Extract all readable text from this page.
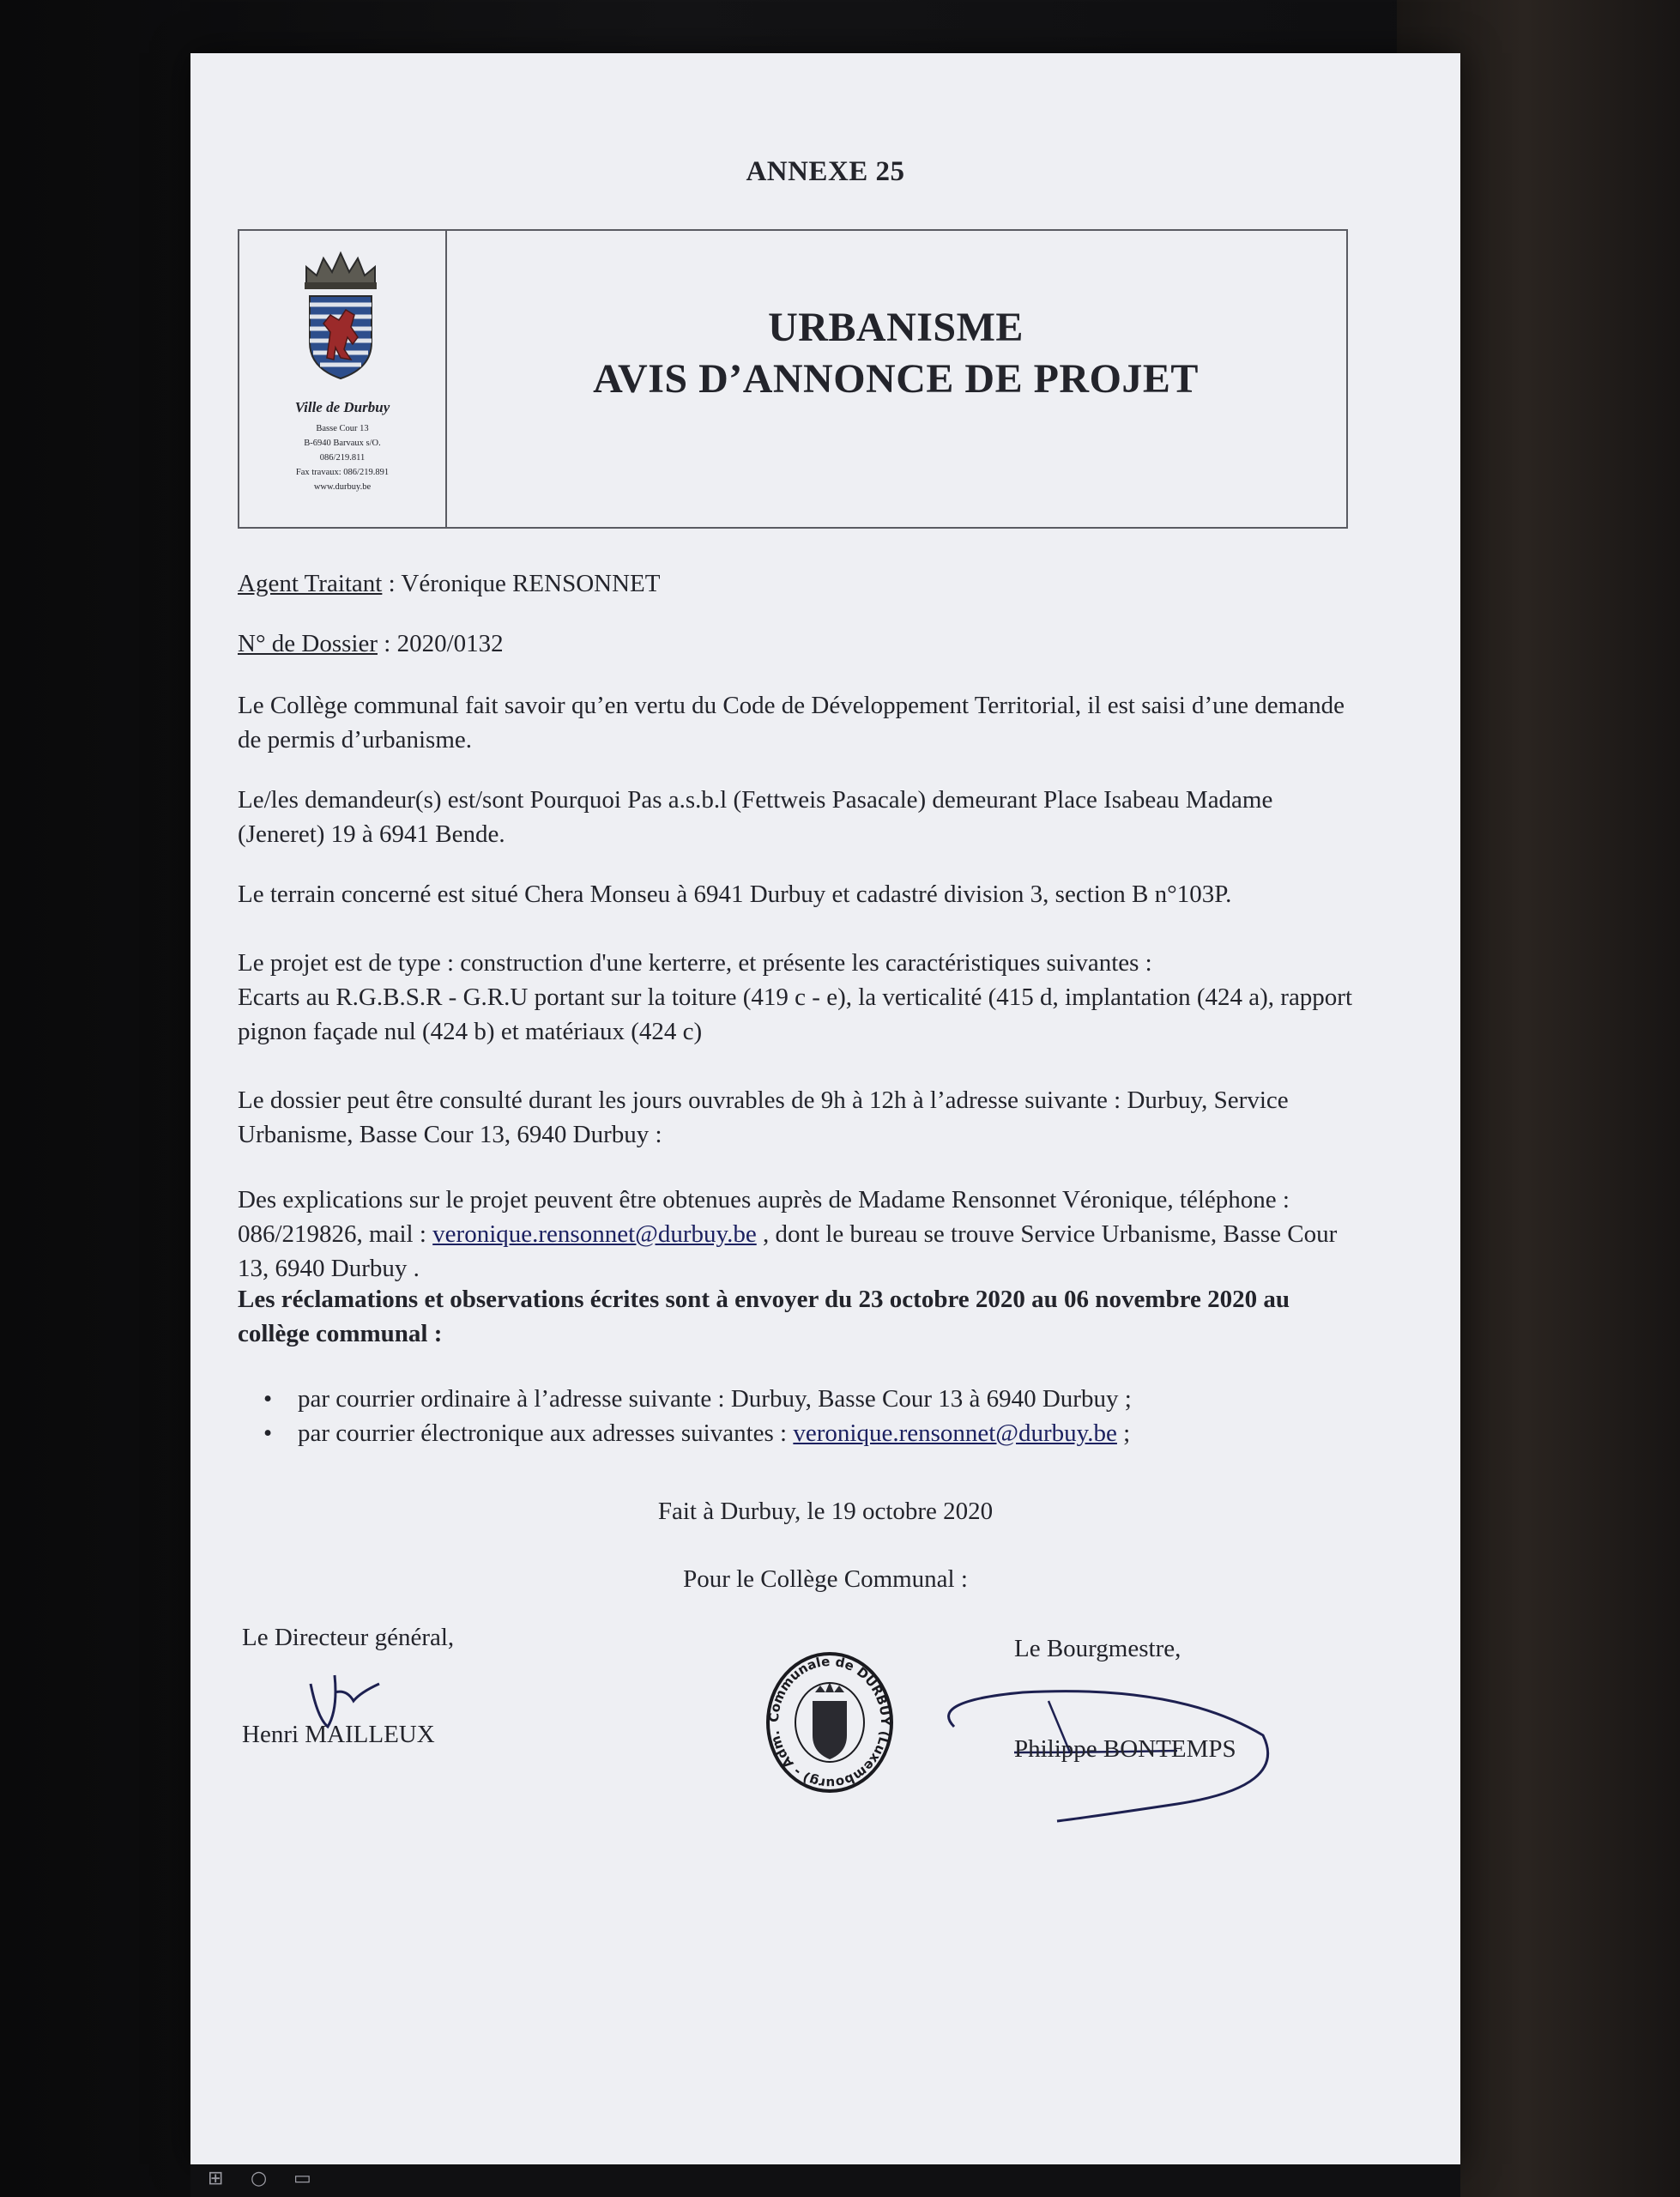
ANNEXE 25
Ville de Durbuy
Basse Cour 13
B-6940 Barvaux s/O.
086/219.811
Fax travaux: 086/219.891
www.durbuy.be
URBANISME
AVIS D’ANNONCE DE PROJET
Agent Traitant : Véronique RENSONNET
N° de Dossier : 2020/0132
Le Collège communal fait savoir qu’en vertu du Code de Développement Territorial, il est saisi d’une demande de permis d’urbanisme.
Le/les demandeur(s) est/sont Pourquoi Pas a.s.b.l (Fettweis Pasacale) demeurant Place Isabeau Madame (Jeneret) 19 à 6941 Bende.
Le terrain concerné est situé Chera Monseu à 6941 Durbuy et cadastré division 3, section B n°103P.
Le projet est de type : construction d'une kerterre, et présente les caractéristiques suivantes :
Ecarts au R.G.B.S.R - G.R.U portant sur la toiture (419 c - e), la verticalité (415 d, implantation (424 a), rapport pignon façade nul (424 b) et matériaux (424 c)
Le dossier peut être consulté durant les jours ouvrables de 9h à 12h à l’adresse suivante : Durbuy, Service Urbanisme, Basse Cour 13, 6940 Durbuy :
Des explications sur le projet peuvent être obtenues auprès de Madame Rensonnet Véronique, téléphone : 086/219826, mail : veronique.rensonnet@durbuy.be , dont le bureau se trouve Service Urbanisme, Basse Cour 13, 6940 Durbuy .
Les réclamations et observations écrites sont à envoyer du 23 octobre 2020 au 06 novembre 2020 au collège communal :
• par courrier ordinaire à l’adresse suivante : Durbuy, Basse Cour 13 à 6940 Durbuy ;
• par courrier électronique aux adresses suivantes : veronique.rensonnet@durbuy.be ;
Fait à Durbuy, le 19 octobre 2020
Pour le Collège Communal :
Le Directeur général,
Henri MAILLEUX
Communale de DURBUY (Luxembourg) - Adm.
Le Bourgmestre,
Philippe BONTEMPS
⊞ ○ ▭
